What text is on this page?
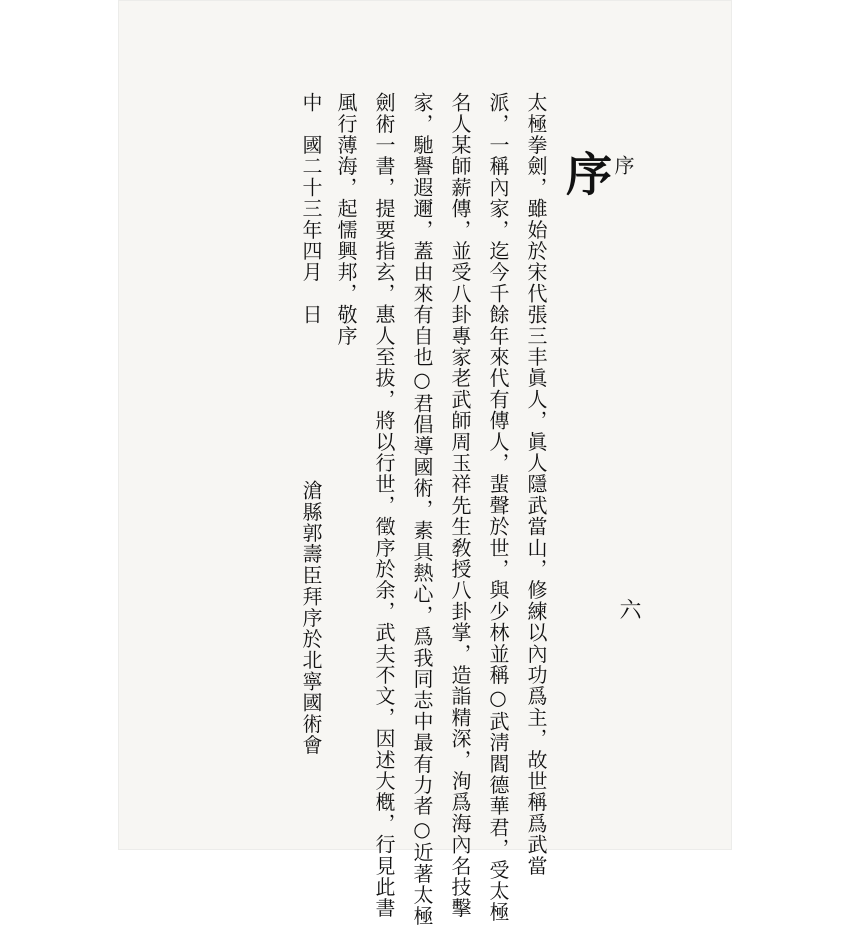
序
六
序
太極拳劍，雖始於宋代張三丰眞人，眞人隱武當山，修練以內功爲主，故世稱爲武當
派，一稱內家，迄今千餘年來代有傳人，蜚聲於世，與少林並稱○武淸閻德華君，受太極
名人某師薪傳，並受八卦專家老武師周玉祥先生敎授八卦掌，造詣精深，洵爲海內名技擊
家，馳譽遐邇，蓋由來有自也○君倡導國術，素具熱心，爲我同志中最有力者○近著太極
劍術一書，提要指玄，惠人至拔，將以行世，徵序於余，武夫不文，因述大槪，行見此書
風行薄海，起懦興邦，敬序
中　國二十三年四月　日
滄縣郭壽臣拜序於北寧國術會
